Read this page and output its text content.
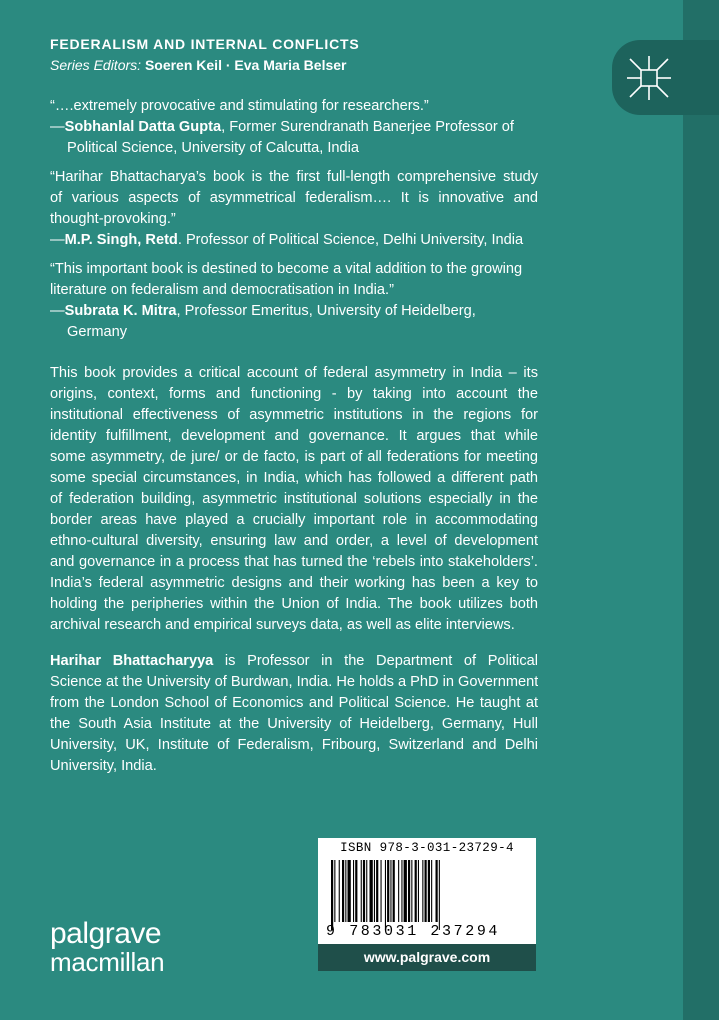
FEDERALISM AND INTERNAL CONFLICTS
Series Editors: Soeren Keil · Eva Maria Belser
“….extremely provocative and stimulating for researchers.”
—Sobhanlal Datta Gupta, Former Surendranath Banerjee Professor of
Political Science, University of Calcutta, India
“Harihar Bhattacharya’s book is the first full-length comprehensive study
of various aspects of asymmetrical federalism…. It is innovative and
thought-provoking.”
—M.P. Singh, Retd. Professor of Political Science, Delhi University, India
“This important book is destined to become a vital addition to the growing
literature on federalism and democratisation in India.”
—Subrata K. Mitra, Professor Emeritus, University of Heidelberg,
Germany
This book provides a critical account of federal asymmetry in India – its
origins, context, forms and functioning - by taking into account the
institutional effectiveness of asymmetric institutions in the regions for
identity fulfillment, development and governance. It argues that while
some asymmetry, de jure/ or de facto, is part of all federations for meeting
some special circumstances, in India, which has followed a different path
of federation building, asymmetric institutional solutions especially in the
border areas have played a crucially important role in accommodating
ethno-cultural diversity, ensuring law and order, a level of development
and governance in a process that has turned the ‘rebels into stakeholders’.
India’s federal asymmetric designs and their working has been a key to
holding the peripheries within the Union of India. The book utilizes both
archival research and empirical surveys data, as well as elite interviews.
Harihar Bhattacharyya is Professor in the Department of Political
Science at the University of Burdwan, India. He holds a PhD in Government
from the London School of Economics and Political Science. He taught at
the South Asia Institute at the University of Heidelberg, Germany, Hull
University, UK, Institute of Federalism, Fribourg, Switzerland and Delhi
University, India.
palgrave
macmillan
ISBN 978-3-031-23729-4
9 783031 237294
www.palgrave.com
